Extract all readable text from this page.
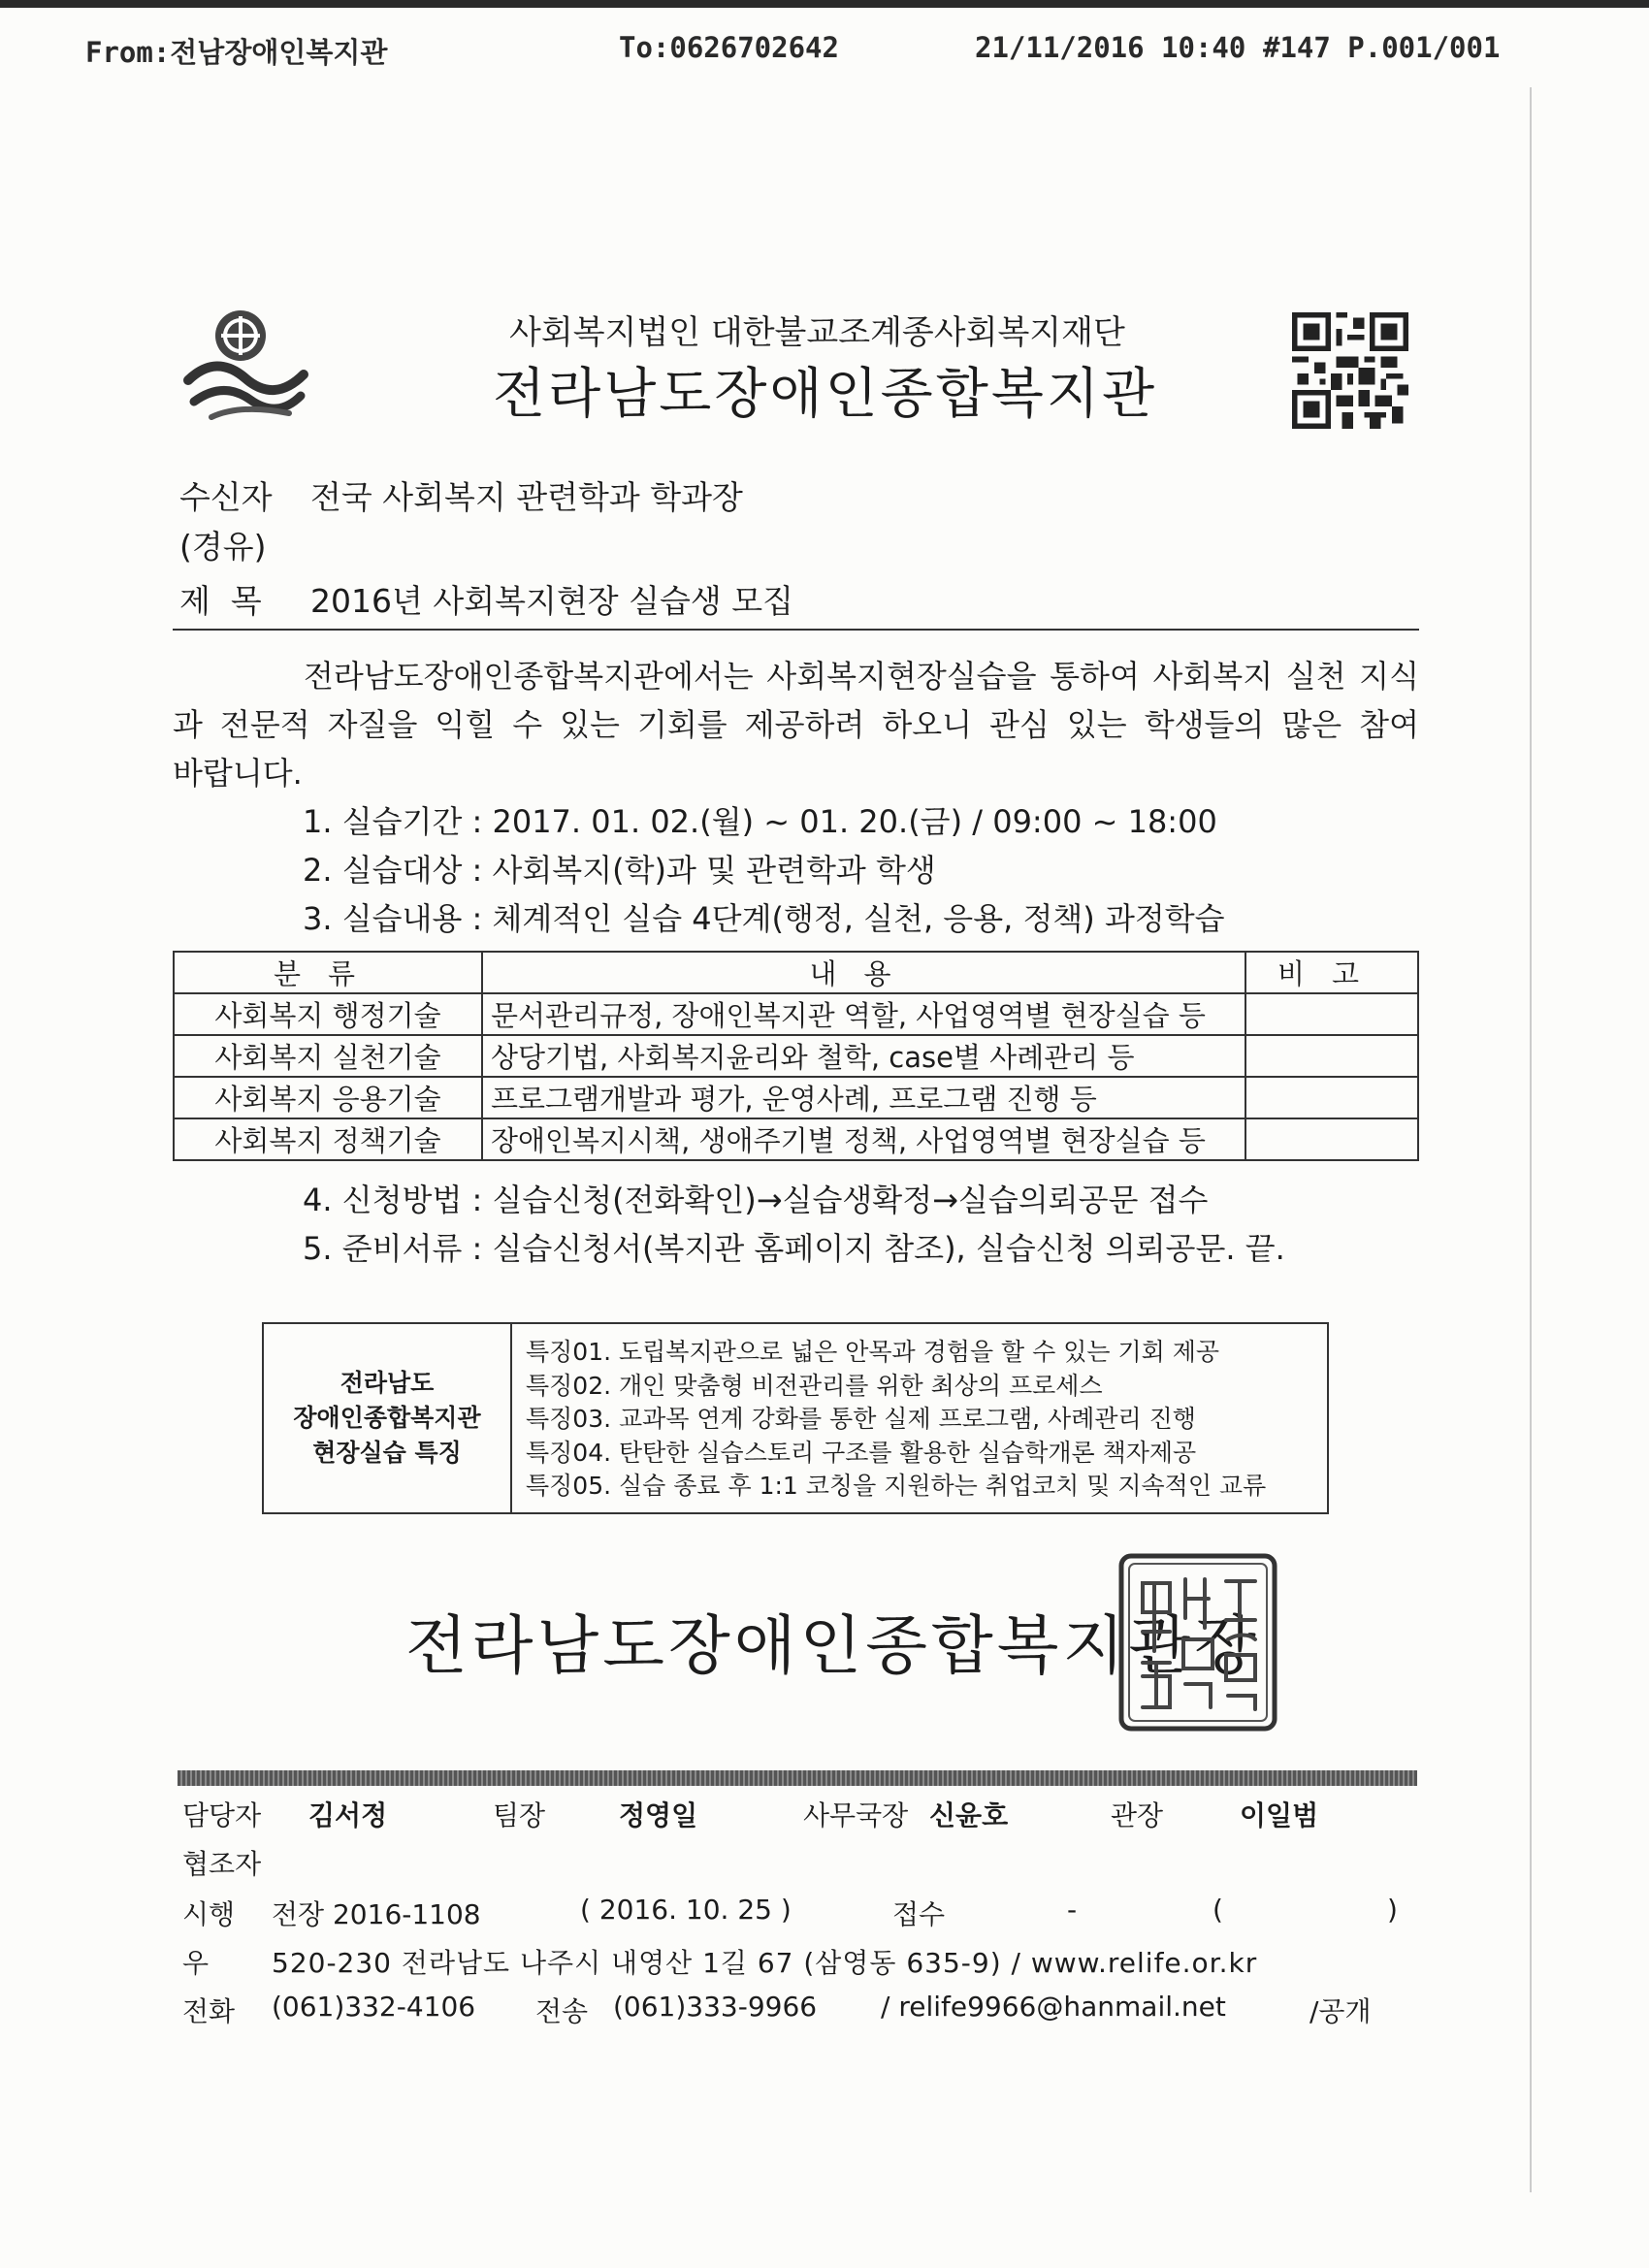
From:전남장애인복지관	To:0626702642	21/11/2016 10:40 #147 P.001/001
사회복지법인 대한불교조계종사회복지재단
전라남도장애인종합복지관
수신자 전국 사회복지 관련학과 학과장
(경유)
제  목 2016년 사회복지현장 실습생 모집
전라남도장애인종합복지관에서는 사회복지현장실습을 통하여 사회복지 실천 지식과 전문적 자질을 익힐 수 있는 기회를 제공하려 하오니 관심 있는 학생들의 많은 참여
바랍니다.
1. 실습기간 : 2017. 01. 02.(월) ~ 01. 20.(금) / 09:00 ~ 18:00
2. 실습대상 : 사회복지(학)과 및 관련학과 학생
3. 실습내용 : 체계적인 실습 4단계(행정, 실천, 응용, 정책) 과정학습
분류	내용	비고
사회복지 행정기술	문서관리규정, 장애인복지관 역할, 사업영역별 현장실습 등	
사회복지 실천기술	상당기법, 사회복지윤리와 철학, case별 사례관리 등	
사회복지 응용기술	프로그램개발과 평가, 운영사례, 프로그램 진행 등	
사회복지 정책기술	장애인복지시책, 생애주기별 정책, 사업영역별 현장실습 등	
4. 신청방법 : 실습신청(전화확인)→실습생확정→실습의뢰공문 접수
5. 준비서류 : 실습신청서(복지관 홈페이지 참조), 실습신청 의뢰공문. 끝.
전라남도
장애인종합복지관
현장실습 특징
특징01. 도립복지관으로 넓은 안목과 경험을 할 수 있는 기회 제공
특징02. 개인 맞춤형 비전관리를 위한 최상의 프로세스
특징03. 교과목 연계 강화를 통한 실제 프로그램, 사례관리 진행
특징04. 탄탄한 실습스토리 구조를 활용한 실습학개론 책자제공
특징05. 실습 종료 후 1:1 코칭을 지원하는 취업코치 및 지속적인 교류
전라남도장애인종합복지관장
담당자 김서정	팀장	정영일	사무국장 신윤호	관장	이일범
협조자
시행 전장 2016-1108	( 2016. 10. 25 )	접수	-	(	)
우 520-230 전라남도 나주시 내영산 1길 67 (삼영동 635-9) / www.relife.or.kr
전화 (061)332-4106 전송 (061)333-9966 / relife9966@hanmail.net	/공개
